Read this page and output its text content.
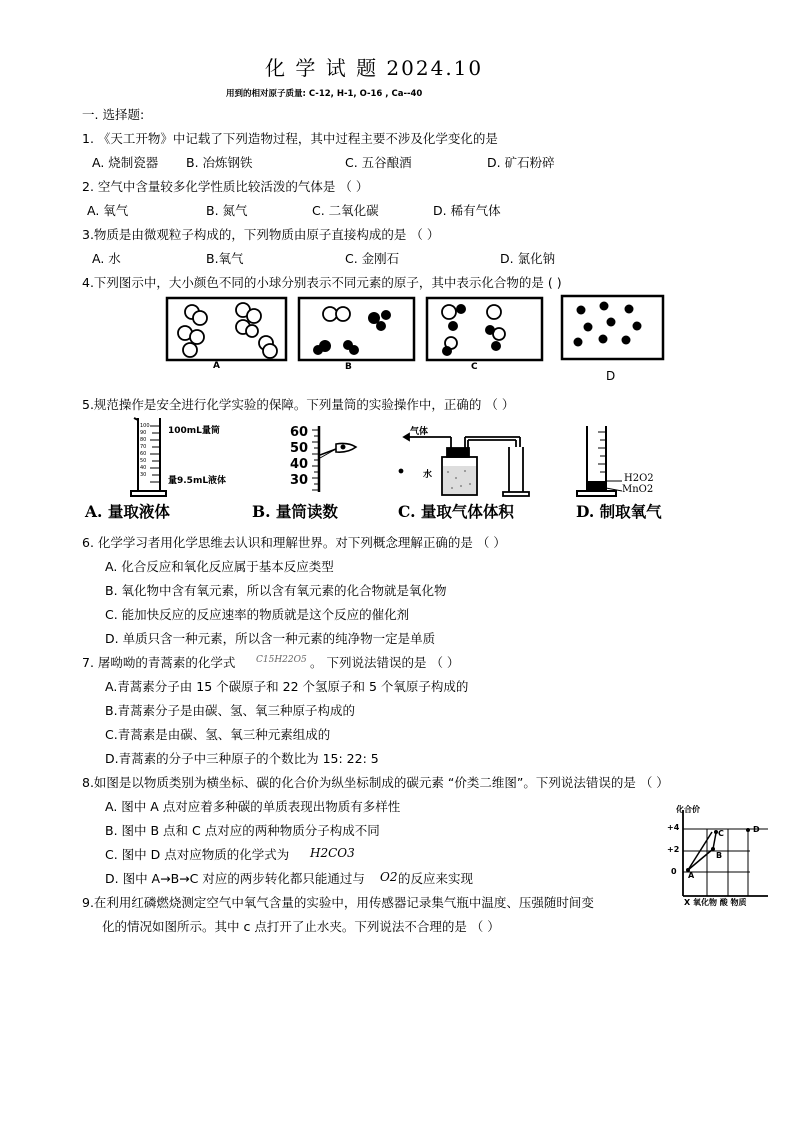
化 学 试 题 2024.10
用到的相对原子质量: C-12, H-1, O-16 , Ca--40
一. 选择题:
1. 《天工开物》中记载了下列造物过程，其中过程主要不涉及化学变化的是
A. 烧制瓷器 B. 冶炼钢铁	C. 五谷酿酒	D. 矿石粉碎
2. 空气中含量较多化学性质比较活泼的气体是 （ ）
A. 氧气	B. 氮气	C. 二氧化碳	D. 稀有气体
3.物质是由微观粒子构成的，下列物质由原子直接构成的是 （ ）
A. 水	B.氧气	C. 金刚石	D. 氯化钠
4.下列图示中，大小颜色不同的小球分别表示不同元素的原子，其中表示化合物的是 ( )
A	B	C
D
5.规范操作是安全进行化学实验的保障。下列量筒的实验操作中，正确的 （ ）
100
90
80
70
60
50
40
30
100mL量筒
量9.5mL液体
60
50
40
30
气体
水	H2O2
MnO2
A. 量取液体	B. 量筒读数	C. 量取气体体积	D. 制取氧气
6. 化学学习者用化学思维去认识和理解世界。对下列概念理解正确的是 （ ）
A. 化合反应和氧化反应属于基本反应类型
B. 氧化物中含有氧元素，所以含有氧元素的化合物就是氧化物
C. 能加快反应的反应速率的物质就是这个反应的催化剂
D. 单质只含一种元素，所以含一种元素的纯净物一定是单质
7. 屠呦呦的青蒿素的化学式 C15H22O5 。 下列说法错误的是 （ ）
A.青蒿素分子由 15 个碳原子和 22 个氢原子和 5 个氧原子构成的
B.青蒿素分子是由碳、氢、氧三种原子构成的
C.青蒿素是由碳、氢、氧三种元素组成的
D.青蒿素的分子中三种原子的个数比为 15: 22: 5
8.如图是以物质类别为横坐标、碳的化合价为纵坐标制成的碳元素 “价类二维图”。下列说法错误的是 （ ）
A. 图中 A 点对应着多种碳的单质表现出物质有多样性
B. 图中 B 点和 C 点对应的两种物质分子构成不同
C. 图中 D 点对应物质的化学式为 H2CO3
D. 图中 A→B→C 对应的两步转化都只能通过与 O2 的反应来实现
化合价
+4
+2
0 A
B
C	D
X 氧化物 酸 物质
9.在利用红磷燃烧测定空气中氧气含量的实验中，用传感器记录集气瓶中温度、压强随时间变
化的情况如图所示。其中 c 点打开了止水夹。下列说法不合理的是 （ ）
